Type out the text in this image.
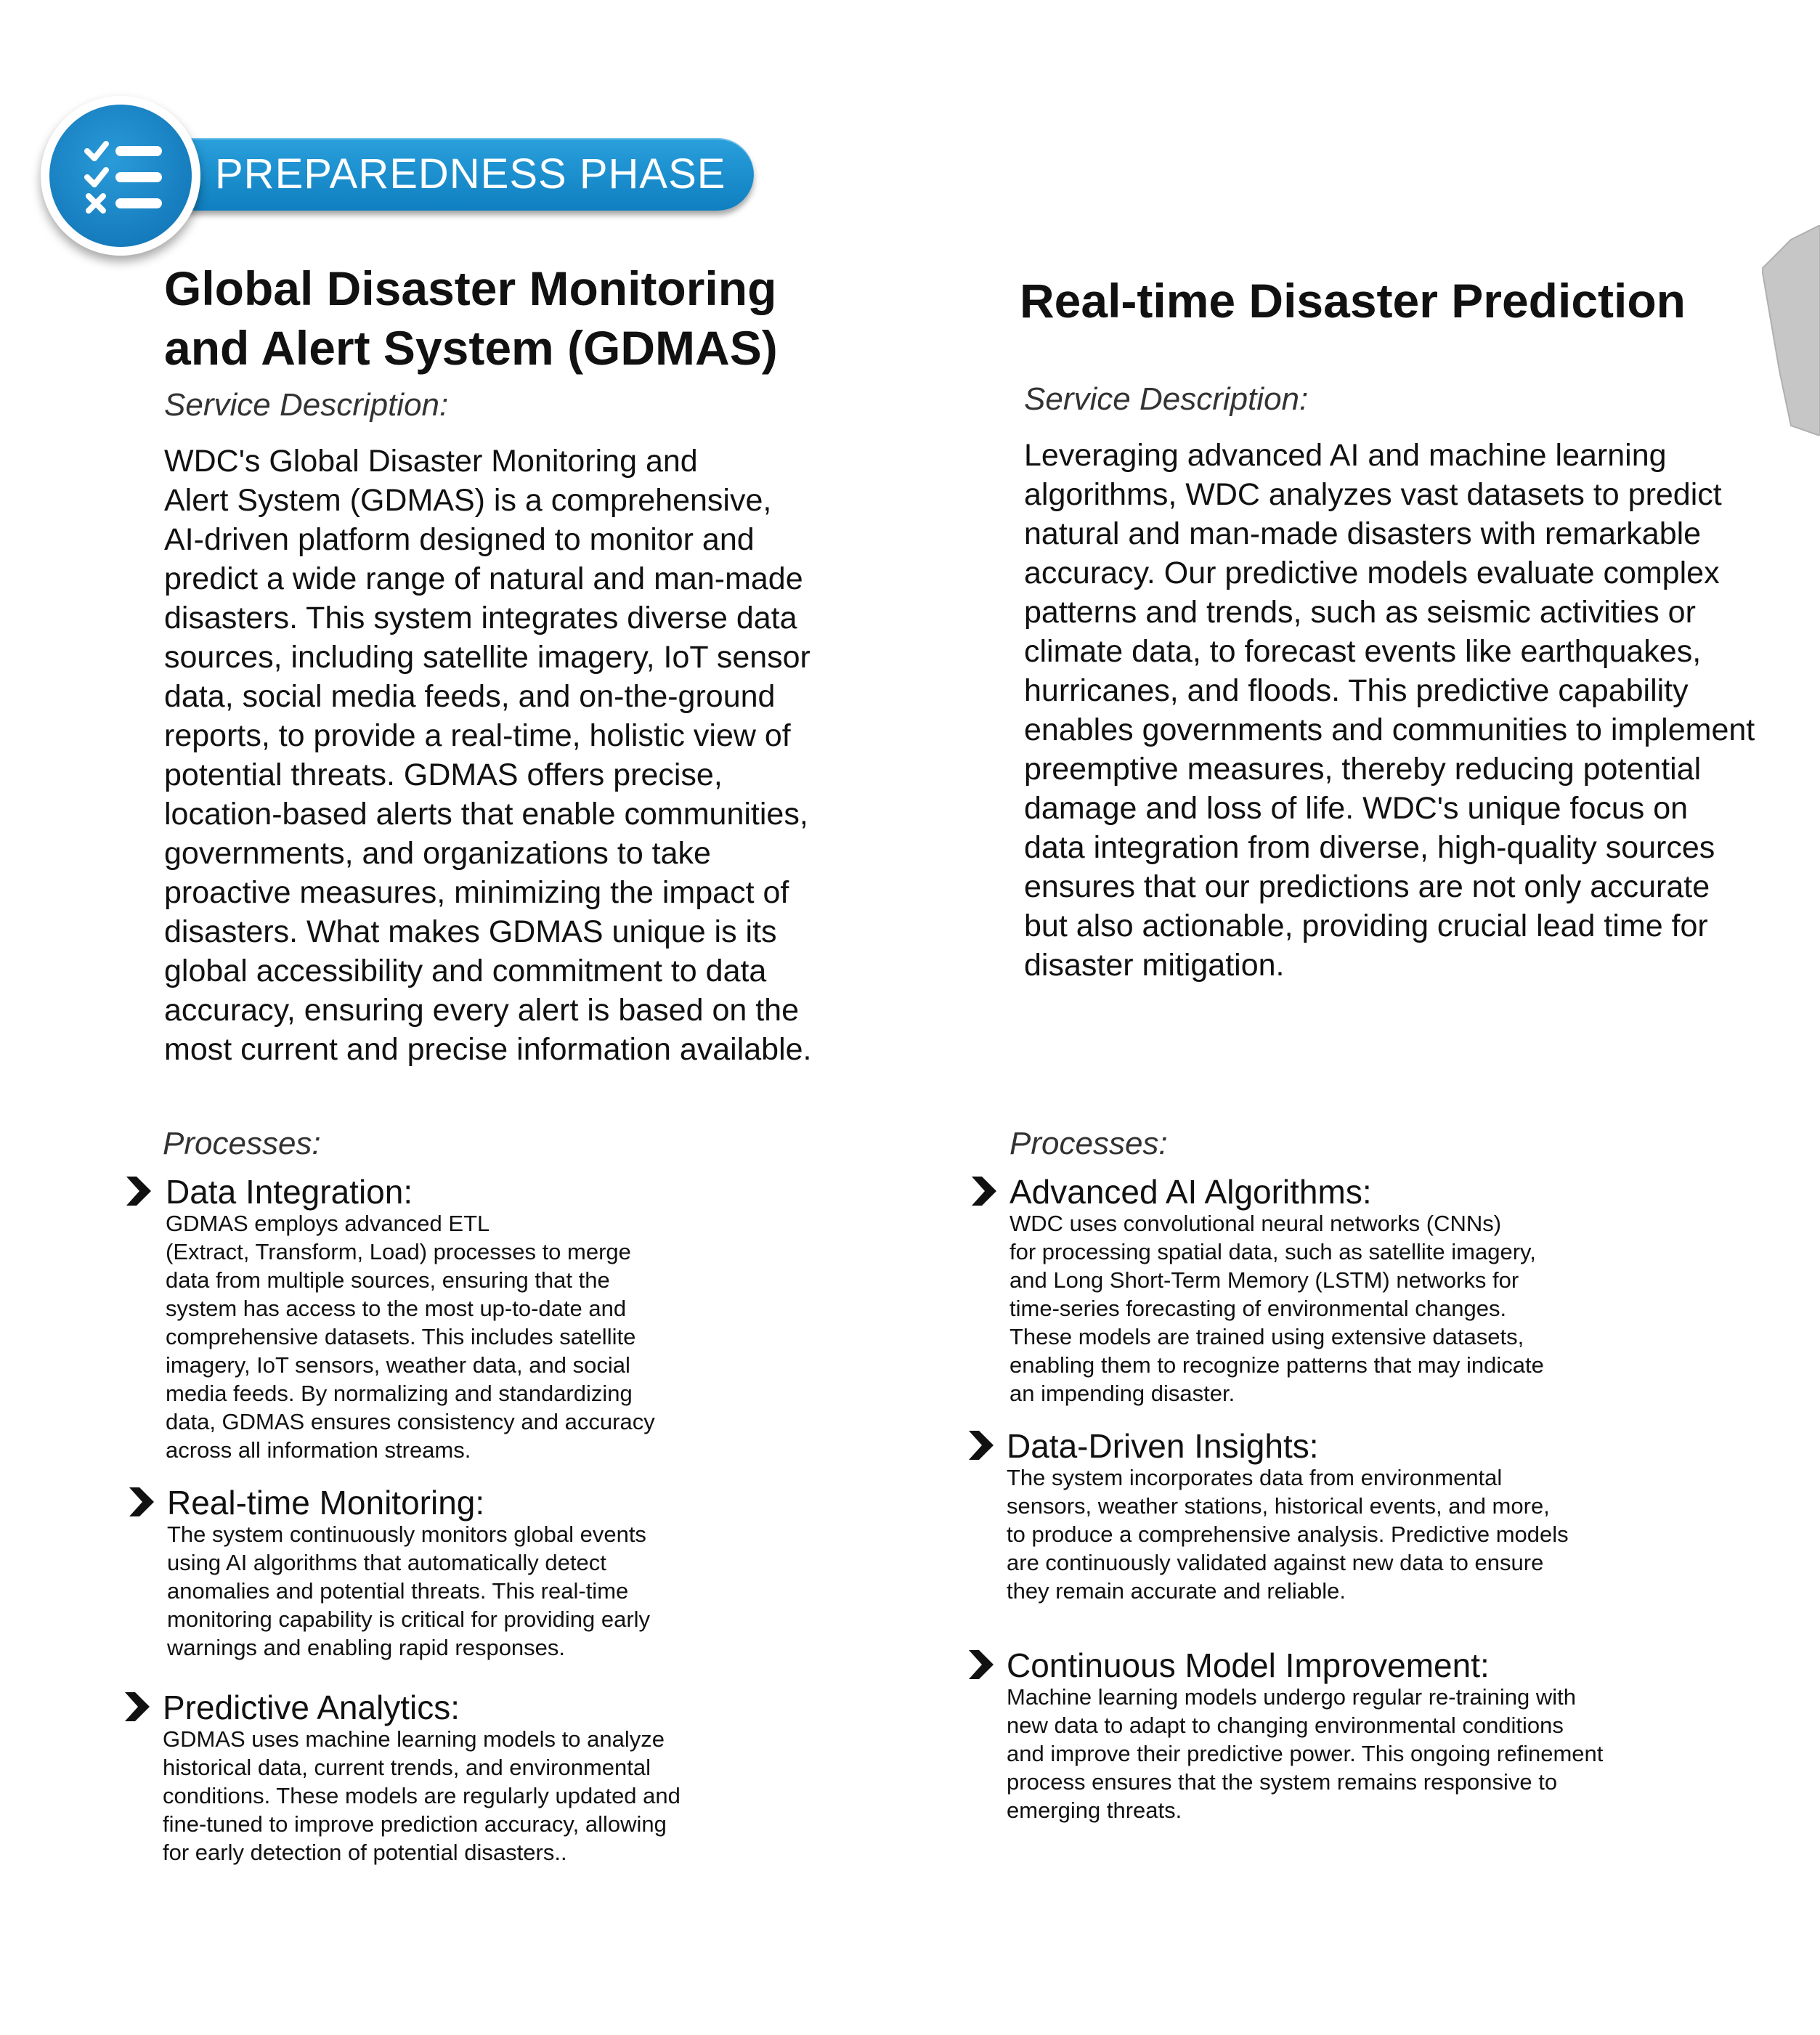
PREPAREDNESS PHASE
Global Disaster Monitoring
and Alert System (GDMAS)
Service Description:
WDC's Global Disaster Monitoring and
Alert System (GDMAS) is a comprehensive,
AI-driven platform designed to monitor and
predict a wide range of natural and man-made
disasters. This system integrates diverse data
sources, including satellite imagery, IoT sensor
data, social media feeds, and on-the-ground
reports, to provide a real-time, holistic view of
potential threats. GDMAS offers precise,
location-based alerts that enable communities,
governments, and organizations to take
proactive measures, minimizing the impact of
disasters. What makes GDMAS unique is its
global accessibility and commitment to data
accuracy, ensuring every alert is based on the
most current and precise information available.
Processes:
Data Integration:
GDMAS employs advanced ETL
(Extract, Transform, Load) processes to merge
data from multiple sources, ensuring that the
system has access to the most up-to-date and
comprehensive datasets. This includes satellite
imagery, IoT sensors, weather data, and social
media feeds. By normalizing and standardizing
data, GDMAS ensures consistency and accuracy
across all information streams.
Real-time Monitoring:
The system continuously monitors global events
using AI algorithms that automatically detect
anomalies and potential threats. This real-time
monitoring capability is critical for providing early
warnings and enabling rapid responses.
Predictive Analytics:
GDMAS uses machine learning models to analyze
historical data, current trends, and environmental
conditions. These models are regularly updated and
fine-tuned to improve prediction accuracy, allowing
for early detection of potential disasters..
Real-time Disaster Prediction
Service Description:
Leveraging advanced AI and machine learning
algorithms, WDC analyzes vast datasets to predict
natural and man-made disasters with remarkable
accuracy. Our predictive models evaluate complex
patterns and trends, such as seismic activities or
climate data, to forecast events like earthquakes,
hurricanes, and floods. This predictive capability
enables governments and communities to implement
preemptive measures, thereby reducing potential
damage and loss of life. WDC's unique focus on
data integration from diverse, high-quality sources
ensures that our predictions are not only accurate
but also actionable, providing crucial lead time for
disaster mitigation.
Processes:
Advanced AI Algorithms:
WDC uses convolutional neural networks (CNNs)
for processing spatial data, such as satellite imagery,
and Long Short-Term Memory (LSTM) networks for
time-series forecasting of environmental changes.
These models are trained using extensive datasets,
enabling them to recognize patterns that may indicate
an impending disaster.
Data-Driven Insights:
The system incorporates data from environmental
sensors, weather stations, historical events, and more,
to produce a comprehensive analysis. Predictive models
are continuously validated against new data to ensure
they remain accurate and reliable.
Continuous Model Improvement:
Machine learning models undergo regular re-training with
new data to adapt to changing environmental conditions
and improve their predictive power. This ongoing refinement
process ensures that the system remains responsive to
emerging threats.
